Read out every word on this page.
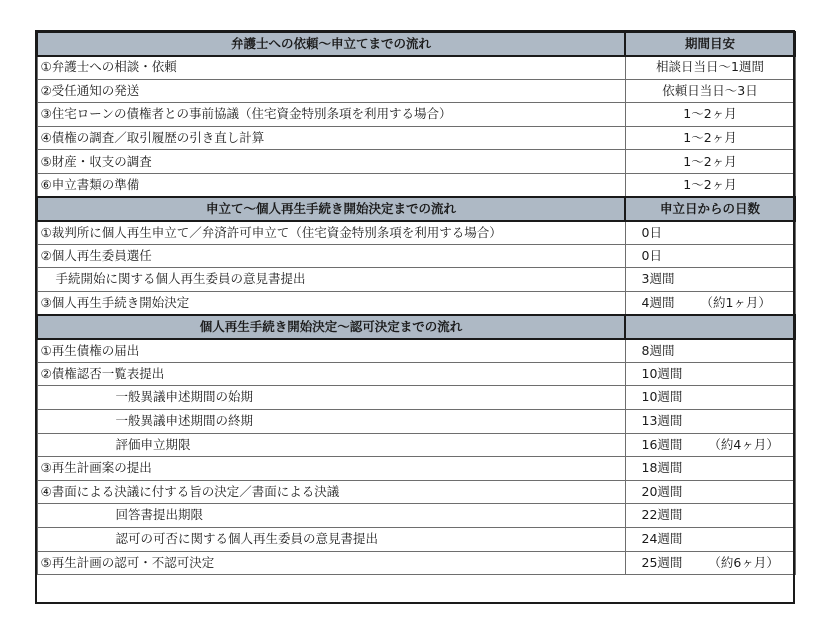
弁護士への依頼～申立てまでの流れ	期間目安
①弁護士への相談・依頼	相談日当日～1週間
②受任通知の発送	依頼日当日～3日
③住宅ローンの債権者との事前協議（住宅資金特別条項を利用する場合）	1～2ヶ月
④債権の調査／取引履歴の引き直し計算	1～2ヶ月
⑤財産・収支の調査	1～2ヶ月
⑥申立書類の準備	1～2ヶ月
申立て～個人再生手続き開始決定までの流れ	申立日からの日数
①裁判所に個人再生申立て／弁済許可申立て（住宅資金特別条項を利用する場合）	0日
②個人再生委員選任	0日
手続開始に関する個人再生委員の意見書提出	3週間
③個人再生手続き開始決定	4週間 （約1ヶ月）
個人再生手続き開始決定～認可決定までの流れ	
①再生債権の届出	8週間
②債権認否一覧表提出	10週間
一般異議申述期間の始期	10週間
一般異議申述期間の終期	13週間
評価申立期限	16週間 （約4ヶ月）
③再生計画案の提出	18週間
④書面による決議に付する旨の決定／書面による決議	20週間
回答書提出期限	22週間
認可の可否に関する個人再生委員の意見書提出	24週間
⑤再生計画の認可・不認可決定	25週間 （約6ヶ月）
